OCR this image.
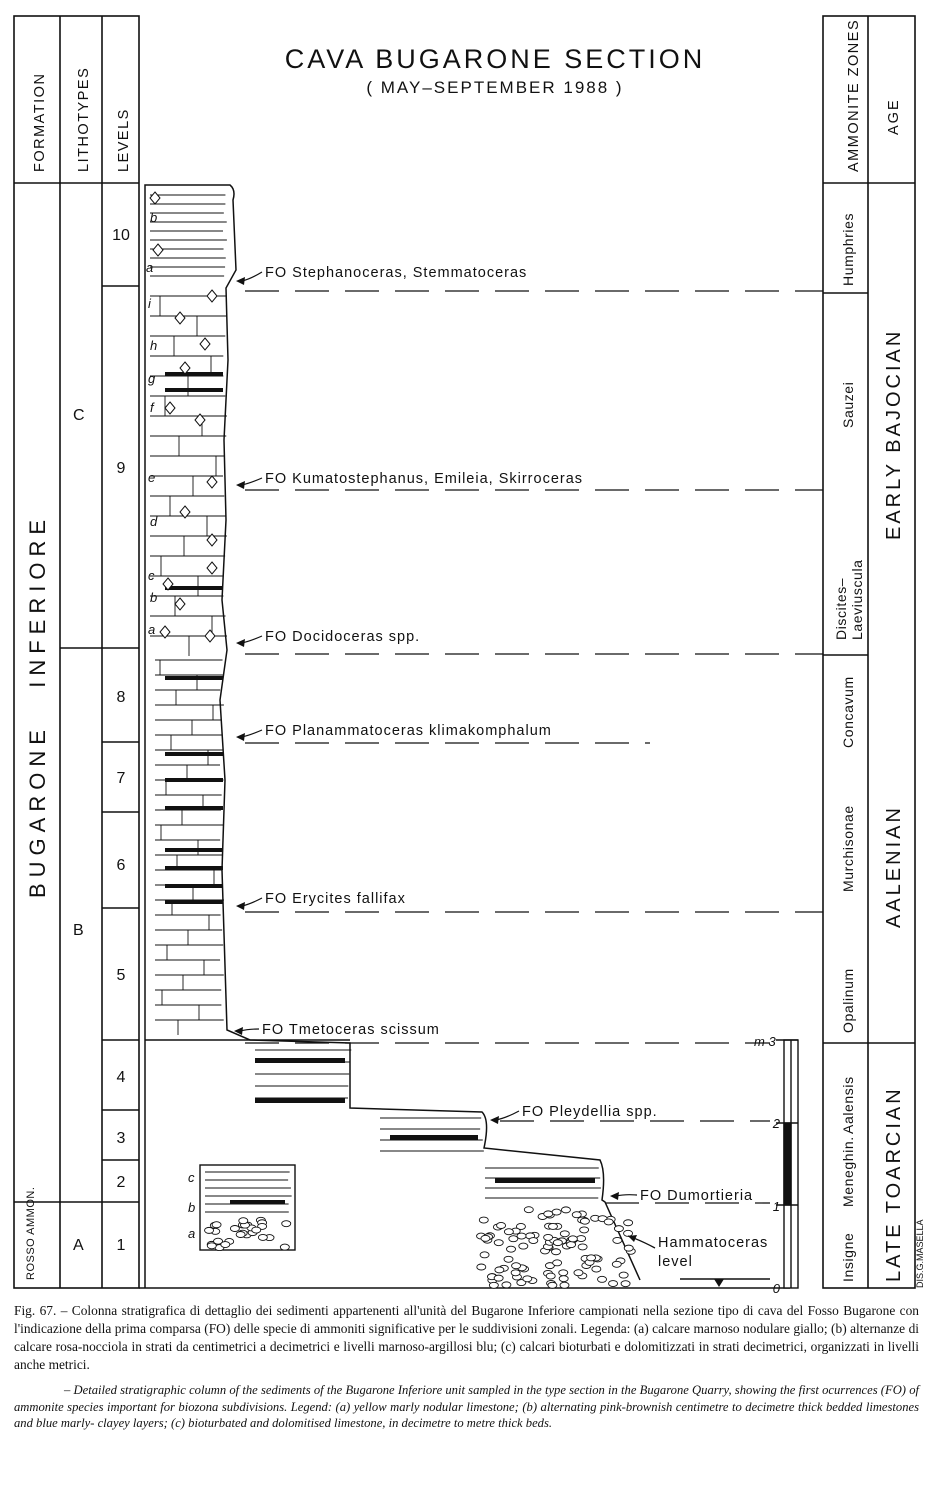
CAVA BUGARONE SECTION
( MAY–SEPTEMBER 1988 )
FORMATION LITHOTYPES LEVELS
BUGARONE   INFERIORE
ROSSO AMMON. A
B
C
1
2
3
4
5
6
7
8
9
10
AMMONITE ZONES AGE
Humphries
Sauzei
Discites– Laeviuscula
Concavum
Murchisonae
Opalinum
Aalensis
Meneghin.
Insigne
EARLY BAJOCIAN
AALENIAN
LATE TOARCIAN DIS.G.MASELLA
m 3
2
1
0
a
b
c
a
b
a
b
c
d
e
f
g
h
i
FO Stephanoceras, Stemmatoceras
FO Kumatostephanus, Emileia, Skirroceras
FO Docidoceras spp.
FO Planammatoceras klimakomphalum
FO Erycites fallifax
FO Tmetoceras scissum
FO Pleydellia spp.
FO Dumortieria
Hammatoceras
level

Fig. 67. – Colonna stratigrafica di dettaglio dei sedimenti appartenenti all'unità del Bugarone Inferiore campionati nella sezione tipo di cava del Fosso Bugarone con l'indicazione della prima comparsa (FO) delle specie di ammoniti significative per le suddivisioni zonali. Legenda: (a) calcare marnoso nodulare giallo; (b) alternanze di calcare rosa-nocciola in strati da centimetrici a decimetrici e livelli marnoso-argillosi blu; (c) calcari bioturbati e dolomitizzati in strati decimetrici, organizzati in livelli anche metrici.

– Detailed stratigraphic column of the sediments of the Bugarone Inferiore unit sampled in the type section in the Bugarone Quarry, showing the first ocurrences (FO) of ammonite species important for biozona subdivisions. Legend: (a) yellow marly nodular limestone; (b) alternating pink-brownish centimetre to decimetre thick bedded limestones and blue marly- clayey layers; (c) bioturbated and dolomitised limestone, in decimetre to metre thick beds.
